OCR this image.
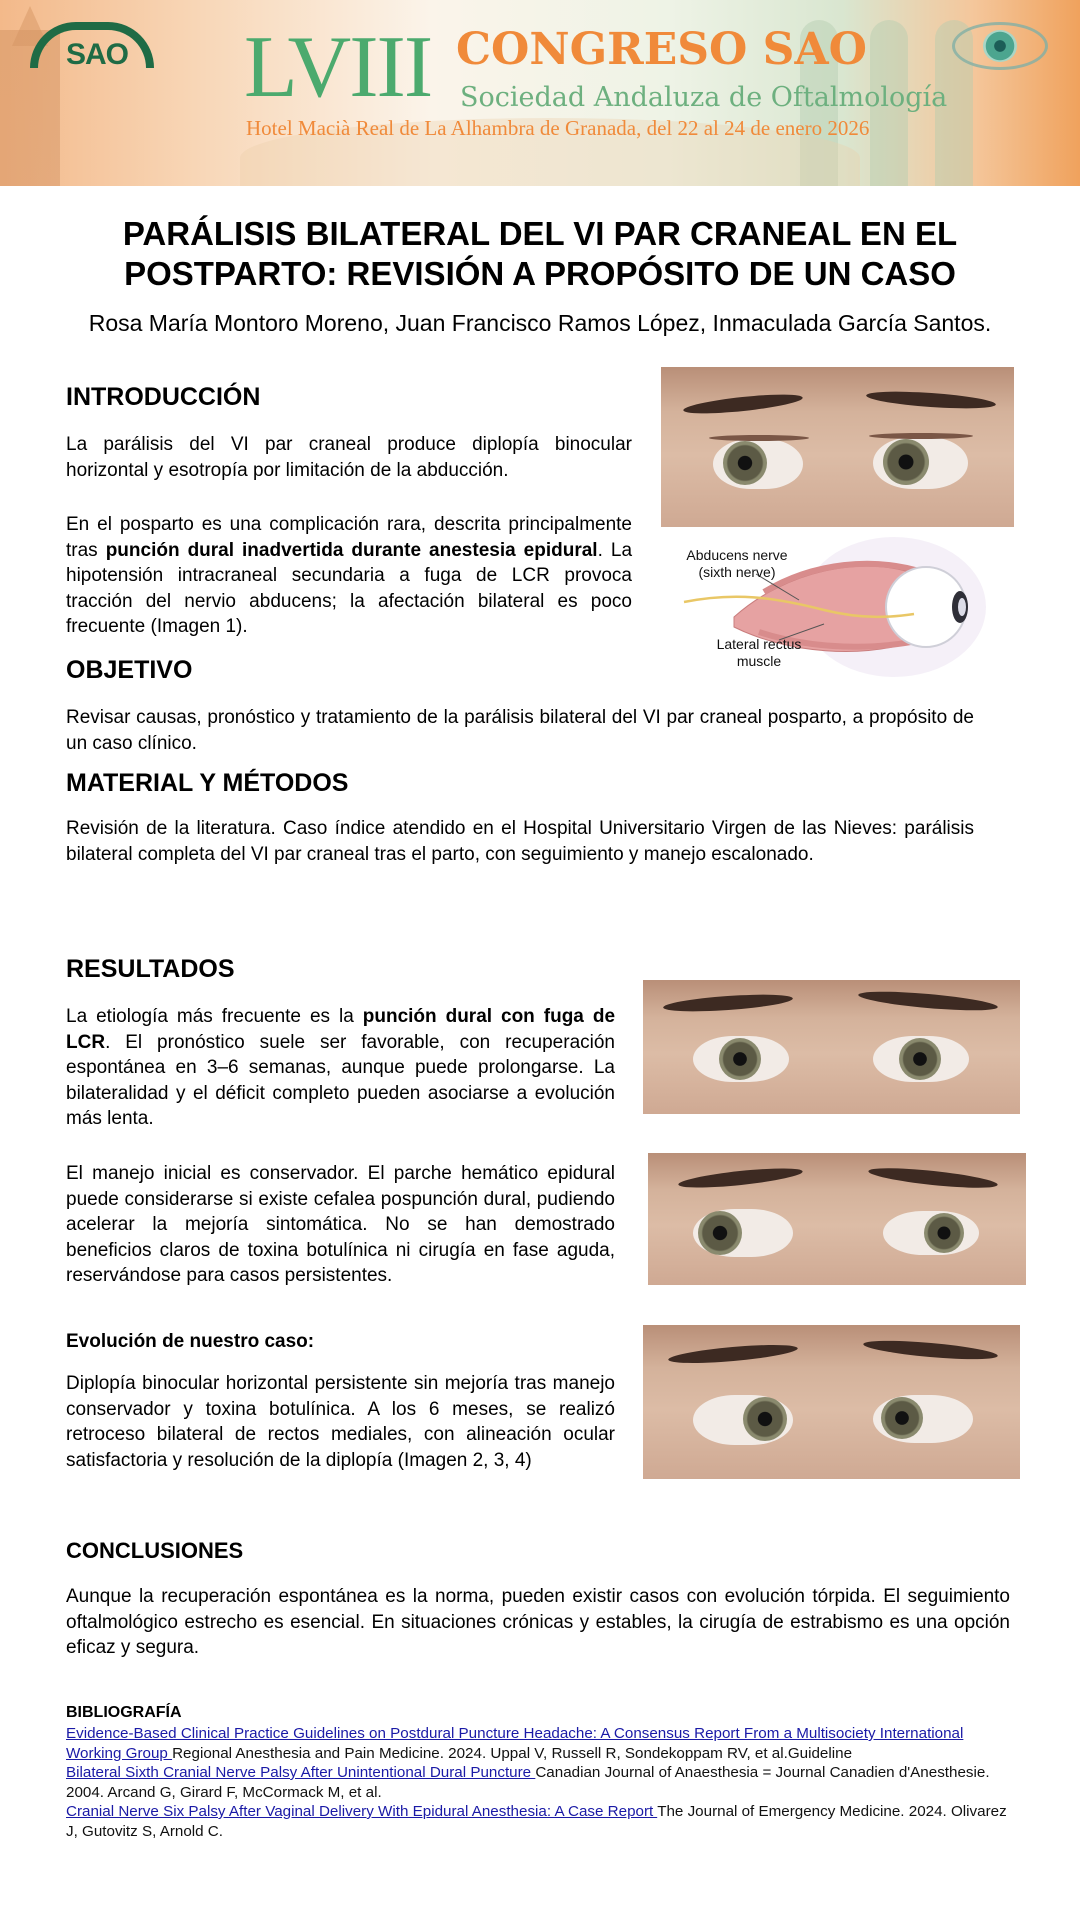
SAO LVIII CONGRESO SAO
Sociedad Andaluza de Oftalmología
Hotel Macià Real de La Alhambra de Granada, del 22 al 24 de enero 2026
PARÁLISIS BILATERAL DEL VI PAR CRANEAL EN EL
POSTPARTO: REVISIÓN A PROPÓSITO DE UN CASO
Rosa María Montoro Moreno, Juan Francisco Ramos López, Inmaculada García Santos.
INTRODUCCIÓN

La parálisis del VI par craneal produce diplopía binocular horizontal y esotropía por limitación de la abducción.

En el posparto es una complicación rara, descrita principalmente tras punción dural inadvertida durante anestesia epidural. La hipotensión intracraneal secundaria a fuga de LCR provoca tracción del nervio abducens; la afectación bilateral es poco frecuente (Imagen 1).

Abducens nerve
(sixth nerve)
Lateral rectus
muscle
OBJETIVO

Revisar causas, pronóstico y tratamiento de la parálisis bilateral del VI par craneal posparto, a propósito de un caso clínico.

MATERIAL Y MÉTODOS

Revisión de la literatura. Caso índice atendido en el Hospital Universitario Virgen de las Nieves: parálisis bilateral completa del VI par craneal tras el parto, con seguimiento y manejo escalonado.

RESULTADOS

La etiología más frecuente es la punción dural con fuga de LCR. El pronóstico suele ser favorable, con recuperación espontánea en 3–6 semanas, aunque puede prolongarse. La bilateralidad y el déficit completo pueden asociarse a evolución más lenta.

El manejo inicial es conservador. El parche hemático epidural puede considerarse si existe cefalea pospunción dural, pudiendo acelerar la mejoría sintomática. No se han demostrado beneficios claros de toxina botulínica ni cirugía en fase aguda, reservándose para casos persistentes.

Evolución de nuestro caso:

Diplopía binocular horizontal persistente sin mejoría tras manejo conservador y toxina botulínica. A los 6 meses, se realizó retroceso bilateral de rectos mediales, con alineación ocular satisfactoria y resolución de la diplopía (Imagen 2, 3, 4)

CONCLUSIONES

Aunque la recuperación espontánea es la norma, pueden existir casos con evolución tórpida. El seguimiento oftalmológico estrecho es esencial. En situaciones crónicas y estables, la cirugía de estrabismo es una opción eficaz y segura.

BIBLIOGRAFÍA
Evidence-Based Clinical Practice Guidelines on Postdural Puncture Headache: A Consensus Report From a Multisociety International Working Group Regional Anesthesia and Pain Medicine. 2024. Uppal V, Russell R, Sondekoppam RV, et al.Guideline
Bilateral Sixth Cranial Nerve Palsy After Unintentional Dural Puncture Canadian Journal of Anaesthesia = Journal Canadien d'Anesthesie. 2004. Arcand G, Girard F, McCormack M, et al.
Cranial Nerve Six Palsy After Vaginal Delivery With Epidural Anesthesia: A Case Report The Journal of Emergency Medicine. 2024. Olivarez J, Gutovitz S, Arnold C.
